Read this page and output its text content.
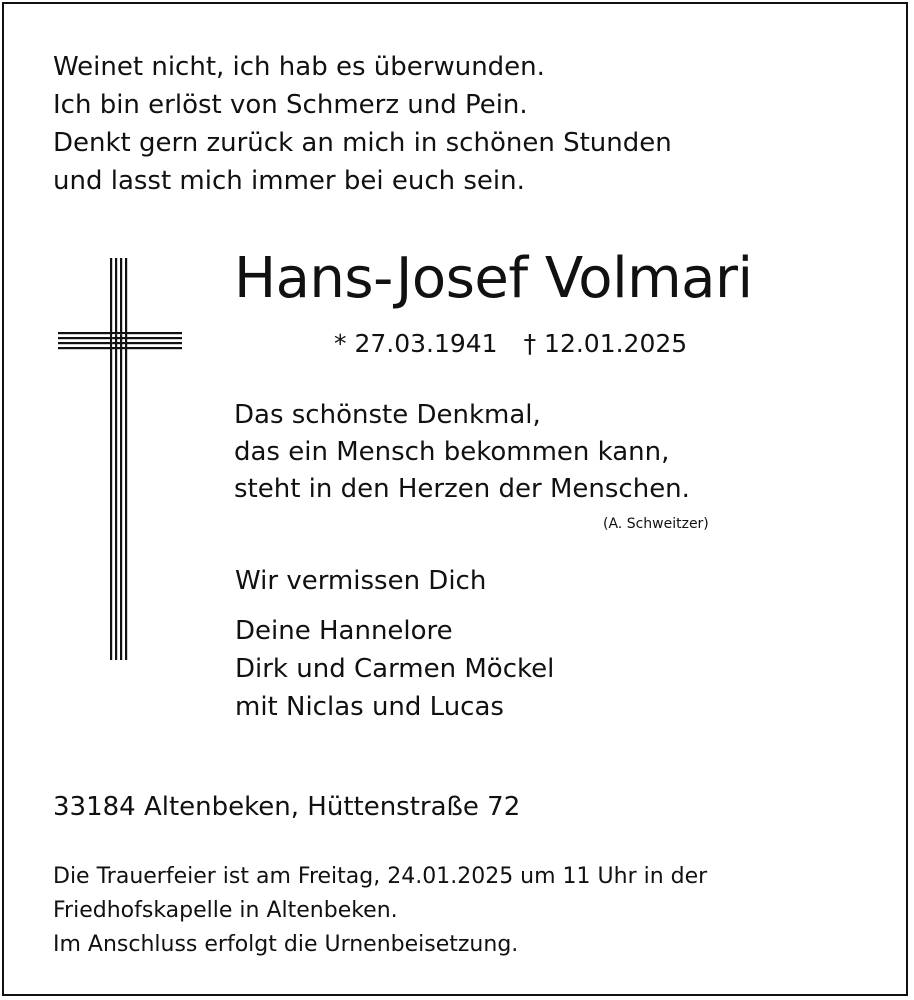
Weinet nicht, ich hab es überwunden.
Ich bin erlöst von Schmerz und Pein.
Denkt gern zurück an mich in schönen Stunden
und lasst mich immer bei euch sein.
Hans-Josef Volmari
* 27.03.1941 † 12.01.2025
Das schönste Denkmal,
das ein Mensch bekommen kann,
steht in den Herzen der Menschen.
(A. Schweitzer)
Wir vermissen Dich
Deine Hannelore
Dirk und Carmen Möckel
mit Niclas und Lucas
33184 Altenbeken, Hüttenstraße 72
Die Trauerfeier ist am Freitag, 24.01.2025 um 11 Uhr in der
Friedhofskapelle in Altenbeken.
Im Anschluss erfolgt die Urnenbeisetzung.
